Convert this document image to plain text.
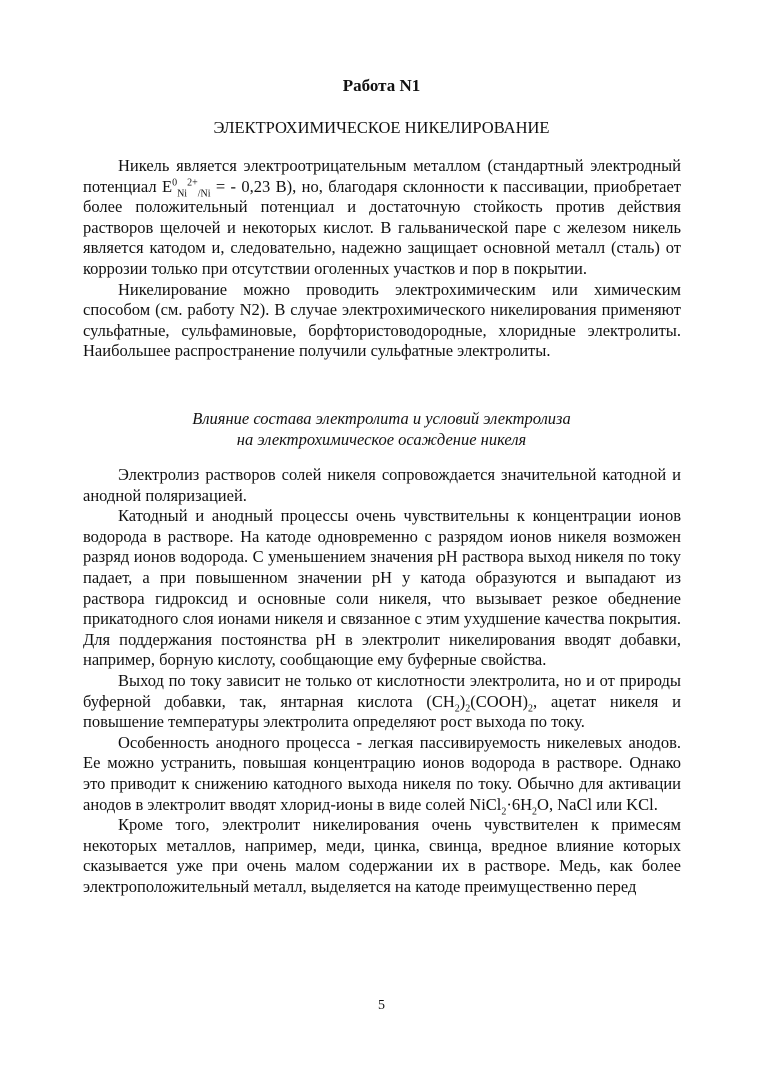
Работа N1
ЭЛЕКТРОХИМИЧЕСКОЕ НИКЕЛИРОВАНИЕ

Никель является электроотрицательным металлом (стандартный электродный потенциал $E^0_{Ni}^{2+}_{/Ni}$ = - 0,23 В), но, благодаря склонности к пассивации, приобретает более положительный потенциал и достаточную стойкость против действия растворов щелочей и некоторых кислот. В гальванической паре с железом никель является катодом и, следовательно, надежно защищает основной металл (сталь) от коррозии только при отсутствии оголенных участков и пор в покрытии.

Никелирование можно проводить электрохимическим или химическим способом (см. работу N2). В случае электрохимического никелирования применяют сульфатные, сульфаминовые, борфтористоводородные, хлоридные электролиты. Наибольшее распространение получили сульфатные электролиты.

Влияние состава электролита и условий электролиза
на электрохимическое осаждение никеля

Электролиз растворов солей никеля сопровождается значительной катодной и анодной поляризацией.

Катодный и анодный процессы очень чувствительны к концентрации ионов водорода в растворе. На катоде одновременно с разрядом ионов никеля возможен разряд ионов водорода. С уменьшением значения pH раствора выход никеля по току падает, а при повышенном значении pH у катода образуются и выпадают из раствора гидроксид и основные соли никеля, что вызывает резкое обеднение прикатодного слоя ионами никеля и связанное с этим ухудшение качества покрытия. Для поддержания постоянства pH в электролит никелирования вводят добавки, например, борную кислоту, сообщающие ему буферные свойства.

Выход по току зависит не только от кислотности электролита, но и от природы буферной добавки, так, янтарная кислота $(CH_2)_2(COOH)_2$, ацетат никеля и повышение температуры электролита определяют рост выхода по току.

Особенность анодного процесса - легкая пассивируемость никелевых анодов. Ее можно устранить, повышая концентрацию ионов водорода в растворе. Однако это приводит к снижению катодного выхода никеля по току. Обычно для активации анодов в электролит вводят хлорид-ионы в виде солей $NiCl_2\cdot 6H_2O$, NaCl или KCl.

Кроме того, электролит никелирования очень чувствителен к примесям некоторых металлов, например, меди, цинка, свинца, вредное влияние которых сказывается уже при очень малом содержании их в растворе. Медь, как более электроположительный металл, выделяется на катоде преимущественно перед

5
